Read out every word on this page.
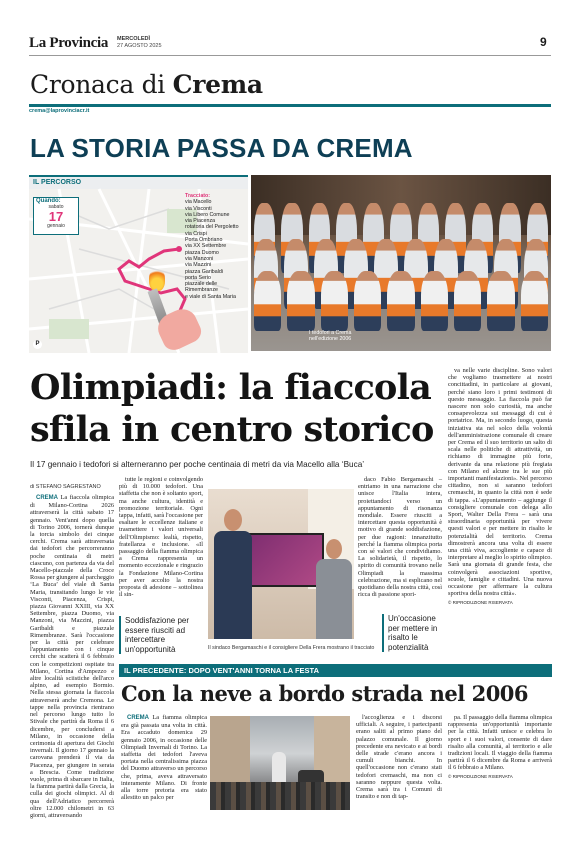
La Provincia MERCOLEDÌ
27 AGOSTO 2025	9
Cronaca di Crema
crema@laprovinciacr.it
LA STORIA PASSA DA CREMA
IL PERCORSO
Quando:
sabato
17
gennaio
Tracciato:
via Macello
via Visconti
via Libero Comune
via Piacenza
rotatoria del Pergoletto
via Crispi
Porta Ombriano
via XX Settembre
piazza Duomo
via Manzoni
via Mazzini
piazza Garibaldi
porta Serio
piazzale delle Rimembranze
e viale di Santa Maria
P
I tedofori a Crema
nell'edizione 2006
Olimpiadi: la fiaccola
sfila in centro storico
Il 17 gennaio i tedofori si alterneranno per poche centinaia di metri da via Macello alla ‘Buca’
di STEFANO SAGRESTANO

CREMA La fiaccola olimpica di Milano-Cortina 2026 attraverserà la città sabato 17 gennaio. Vent'anni dopo quella di Torino 2006, tornerà dunque la torcia simbolo dei cinque cerchi. Crema sarà attraversata dai tedofori che percorreranno poche centinaia di metri ciascuno, con partenza da via del Macello-piazzale della Croce Rossa per giungere al parcheggio ‘La Buca’ del viale di Santa Maria, transitando lungo le vie Visconti, Piacenza, Crispi, piazza Giovanni XXIII, via XX Settembre, piazza Duomo, via Manzoni, via Mazzini, piazza Garibaldi e piazzale Rimembranze. Sarà l'occasione per la città per celebrare l'appuntamento con i cinque cerchi che scatterà il 6 febbraio con le competizioni ospitate tra Milano, Cortina d'Ampezzo e altre località sciistiche dell'arco alpino, ad esempio Bormio. Nella stessa giornata la fiaccola attraverserà anche Cremona. Le tappe nella provincia rientrano nel percorso lungo tutto lo Stivale che partirà da Roma il 6 dicembre, per concludersi a Milano, in occasione della cerimonia di apertura dei Giochi invernali. Il giorno 17 gennaio la carovana prenderà il via da Piacenza, per giungere in serata a Brescia. Come tradizione vuole, prima di sbarcare in Italia, la fiamma partirà dalla Grecia, la culla dei giochi olimpici. Al di qua dell'Adriatico percorrerà oltre 12.000 chilometri in 63 giorni, attraversando

tutte le regioni e coinvolgendo più di 10.000 tedofori. Una staffetta che non è soltanto sport, ma anche cultura, identità e promozione territoriale. Ogni tappa, infatti, sarà l'occasione per esaltare le eccellenze italiane e trasmettere i valori universali dell'Olimpismo: lealtà, rispetto, fratellanza e inclusione. «Il passaggio della fiamma olimpica a Crema rappresenta un momento eccezionale e ringrazio la Fondazione Milano-Cortina per aver accolto la nostra proposta di adesione – sottolinea il sin-

Il sindaco Bergamaschi e il consigliere Della Frera mostrano il tracciato
Soddisfazione per essere riusciti ad intercettare un'opportunità
Un'occasione per mettere in risalto le potenzialità

daco Fabio Bergamaschi – entriamo in una narrazione che unisce l'Italia intera, proiettandoci verso un appuntamento di risonanza mondiale. Essere riusciti a intercettare questa opportunità è motivo di grande soddisfazione, per due ragioni: innanzitutto perché la fiamma olimpica porta con sé valori che condividiamo. La solidarietà, il rispetto, lo spirito di comunità trovano nelle Olimpiadi la massima celebrazione, ma si esplicano nel quotidiano della nostra città, così ricca di passione spori-

va nelle varie discipline. Sono valori che vogliamo trasmettere ai nostri concittadini, in particolare ai giovani, perché siano loro i primi testimoni di questo messaggio. La fiaccola può far nascere non solo curiosità, ma anche consapevolezza sui messaggi di cui è portatrice. Ma, in secondo luogo, questa iniziativa sta nel solco della volontà dell'amministrazione comunale di creare per Crema ed il suo territorio un salto di scala nelle politiche di attrattività, un richiamo di immagine più forte, derivante da una relazione più fregiata con Milano ed alcune tra le sue più importanti manifestazioni». Nel percorso cittadino, non si saranno tedofori cremaschi, in quanto la città non è sede di tappa. «L'appuntamento – aggiunge il consigliere comunale con delega allo Sport, Walter Della Frera – sarà una straordinaria opportunità per vivere questi valori e per mettere in risalto le potenzialità del territorio. Crema dimostrerà ancora una volta di essere una città viva, accogliente e capace di interpretare al meglio lo spirito olimpico. Sarà una giornata di grande festa, che coinvolgerà associazioni sportive, scuole, famiglie e cittadini. Una nuova occasione per affermare la cultura sportiva della nostra città».

© RIPRODUZIONE RISERVATA
IL PRECEDENTE: DOPO VENT'ANNI TORNA LA FESTA
Con la neve a bordo strada nel 2006

CREMA La fiamma olimpica era già passata una volta in città. Era accaduto domenica 29 gennaio 2006, in occasione delle Olimpiadi Invernali di Torino. La staffetta dei tedofori l'aveva portata nella centralissima piazza del Duomo attraverso un percorso che, prima, aveva attraversato interamente Milano. Di fronte alla torre pretoria era stato allestito un palco per

l'accoglienza e i discorsi ufficiali. A seguire, i partecipanti erano saliti al primo piano del palazzo comunale. Il giorno precedente era nevicato e ai bordi delle strade c'erano ancora i cumuli bianchi. In quell'occasione non c'erano stati tedofori cremaschi, ma non ci saranno neppure questa volta. Crema sarà tra i Comuni di transito e non di tap-

pa. Il passaggio della fiamma olimpica rappresenta un'opportunità importante per la città. Infatti unisce e celebra lo sport e i suoi valori, consente di dare risalto alla comunità, al territorio e alle tradizioni locali. Il viaggio della fiamma partirà il 6 dicembre da Roma e arriverà il 6 febbraio a Milano.

© RIPRODUZIONE RISERVATA
